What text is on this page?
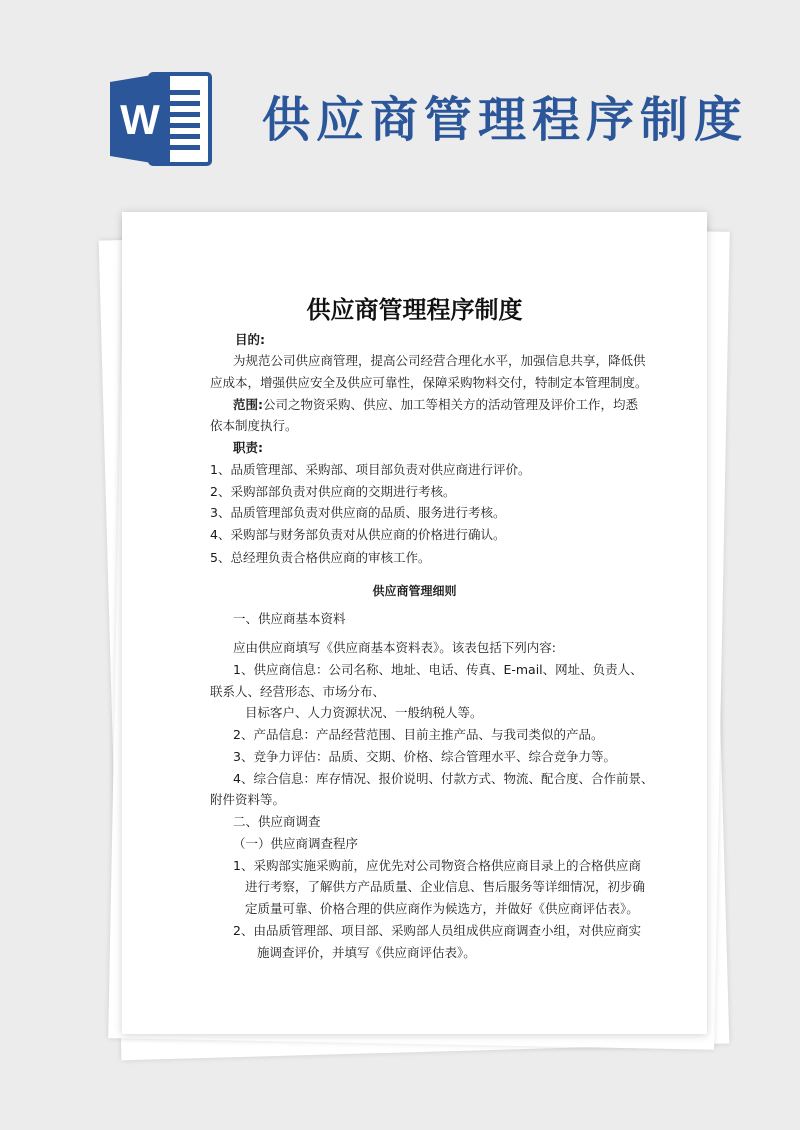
W 供应商管理程序制度
供应商管理程序制度

目的:

为规范公司供应商管理，提高公司经营合理化水平，加强信息共享，降低供

应成本，增强供应安全及供应可靠性，保障采购物料交付，特制定本管理制度。

范围:公司之物资采购、供应、加工等相关方的活动管理及评价工作，均悉

依本制度执行。

职责:

1、品质管理部、采购部、项目部负责对供应商进行评价。

2、采购部部负责对供应商的交期进行考核。

3、品质管理部负责对供应商的品质、服务进行考核。

4、采购部与财务部负责对从供应商的价格进行确认。

5、总经理负责合格供应商的审核工作。

供应商管理细则

一、供应商基本资料

应由供应商填写《供应商基本资料表》。该表包括下列内容:

1、供应商信息：公司名称、地址、电话、传真、E-mail、网址、负责人、

联系人、经营形态、市场分布、

目标客户、人力资源状况、一般纳税人等。

2、产品信息：产品经营范围、目前主推产品、与我司类似的产品。

3、竞争力评估：品质、交期、价格、综合管理水平、综合竞争力等。

4、综合信息：库存情况、报价说明、付款方式、物流、配合度、合作前景、

附件资料等。

二、供应商调查

（一）供应商调查程序

1、采购部实施采购前，应优先对公司物资合格供应商目录上的合格供应商

进行考察，了解供方产品质量、企业信息、售后服务等详细情况，初步确

定质量可靠、价格合理的供应商作为候选方，并做好《供应商评估表》。

2、由品质管理部、项目部、采购部人员组成供应商调查小组，对供应商实

施调查评价，并填写《供应商评估表》。
